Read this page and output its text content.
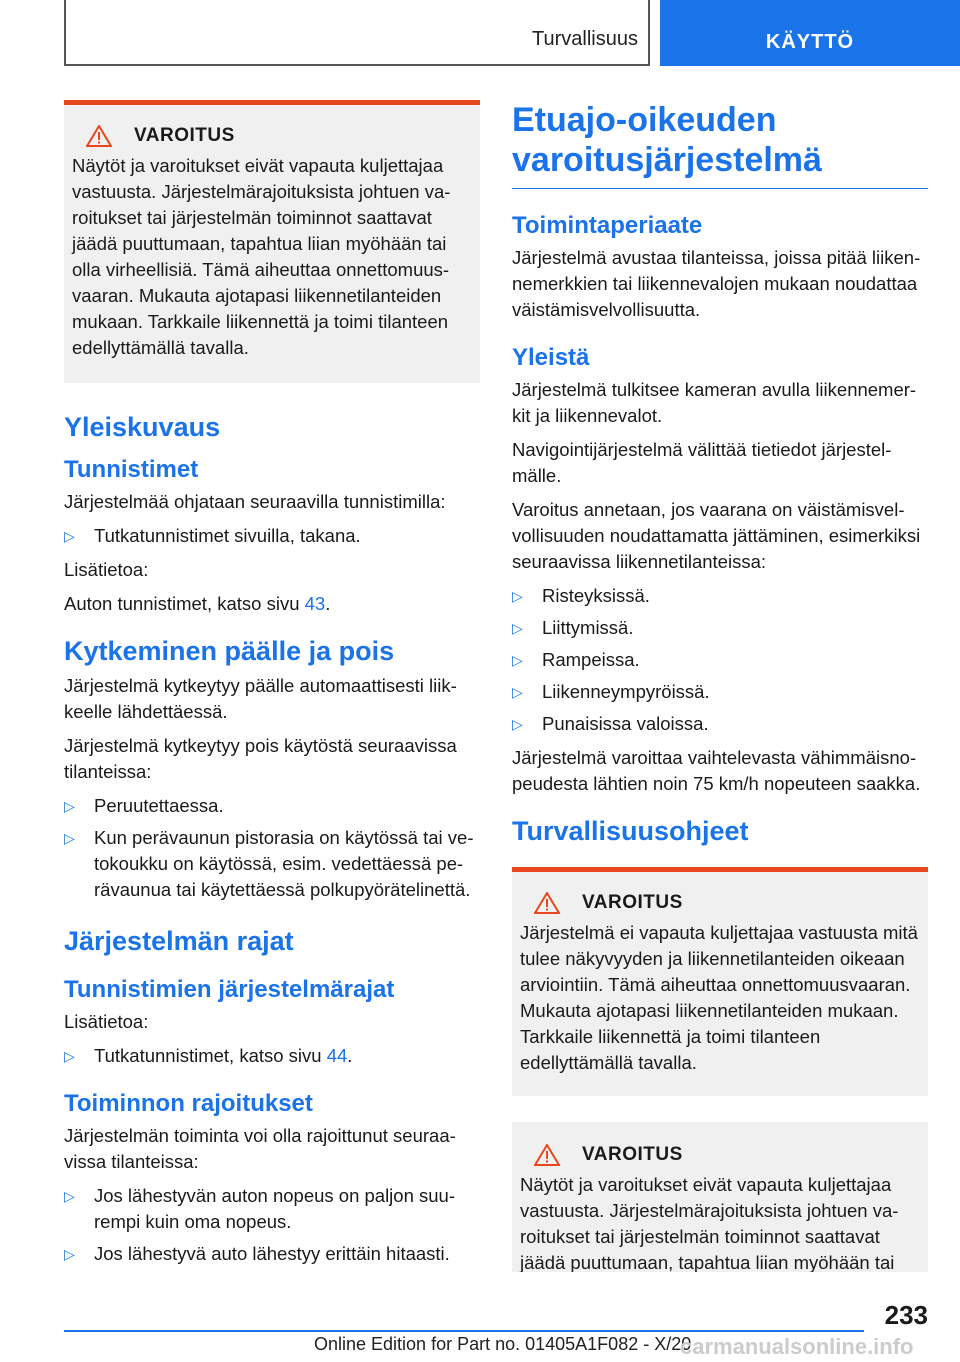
Turvallisuus	KÄYTTÖ
VAROITUS

Näytöt ja varoitukset eivät vapauta kuljettajaa vastuusta. Järjestelmärajoituksista johtuen varoitukset tai järjestelmän toiminnot saattavat jäädä puuttumaan, tapahtua liian myöhään tai olla virheellisiä. Tämä aiheuttaa onnettomuusvaaran. Mukauta ajotapasi liikennetilanteiden mukaan. Tarkkaile liikennettä ja toimi tilanteen edellyttämällä tavalla.

Yleiskuvaus
Tunnistimet

Järjestelmää ohjataan seuraavilla tunnistimilla:

▷	Tutkatunnistimet sivuilla, takana.

Lisätietoa:

Auton tunnistimet, katso sivu 43.

Kytkeminen päälle ja pois

Järjestelmä kytkeytyy päälle automaattisesti liikkeelle lähdettäessä.

Järjestelmä kytkeytyy pois käytöstä seuraavissa tilanteissa:

▷	Peruutettaessa.
▷	Kun perävaunun pistorasia on käytössä tai vetokoukku on käytössä, esim. vedettäessä perävaunua tai käytettäessä polkupyörätelinettä.
Järjestelmän rajat
Tunnistimien järjestelmärajat

Lisätietoa:

▷	Tutkatunnistimet, katso sivu 44.
Toiminnon rajoitukset

Järjestelmän toiminta voi olla rajoittunut seuraavissa tilanteissa:

▷	Jos lähestyvän auton nopeus on paljon suurempi kuin oma nopeus.
▷	Jos lähestyvä auto lähestyy erittäin hitaasti.
Etuajo-oikeuden varoitusjärjestelmä
Toimintaperiaate

Järjestelmä avustaa tilanteissa, joissa pitää liikennemerkkien tai liikennevalojen mukaan noudattaa väistämisvelvollisuutta.

Yleistä

Järjestelmä tulkitsee kameran avulla liikennemerkit ja liikennevalot.

Navigointijärjestelmä välittää tietiedot järjestelmälle.

Varoitus annetaan, jos vaarana on väistämisvelvollisuuden noudattamatta jättäminen, esimerkiksi seuraavissa liikennetilanteissa:

▷	Risteyksissä.
▷	Liittymissä.
▷	Rampeissa.
▷	Liikenneympyröissä.
▷	Punaisissa valoissa.

Järjestelmä varoittaa vaihtelevasta vähimmäisnopeudesta lähtien noin 75 km/h nopeuteen saakka.

Turvallisuusohjeet
VAROITUS

Järjestelmä ei vapauta kuljettajaa vastuusta mitä tulee näkyvyyden ja liikennetilanteiden oikeaan arviointiin. Tämä aiheuttaa onnettomuusvaaran. Mukauta ajotapasi liikennetilanteiden mukaan. Tarkkaile liikennettä ja toimi tilanteen edellyttämällä tavalla.

VAROITUS

Näytöt ja varoitukset eivät vapauta kuljettajaa vastuusta. Järjestelmärajoituksista johtuen varoitukset tai järjestelmän toiminnot saattavat jäädä puuttumaan, tapahtua liian myöhään tai

233
Online Edition for Part no. 01405A1F082 - X/20
carmanualsonline.info
